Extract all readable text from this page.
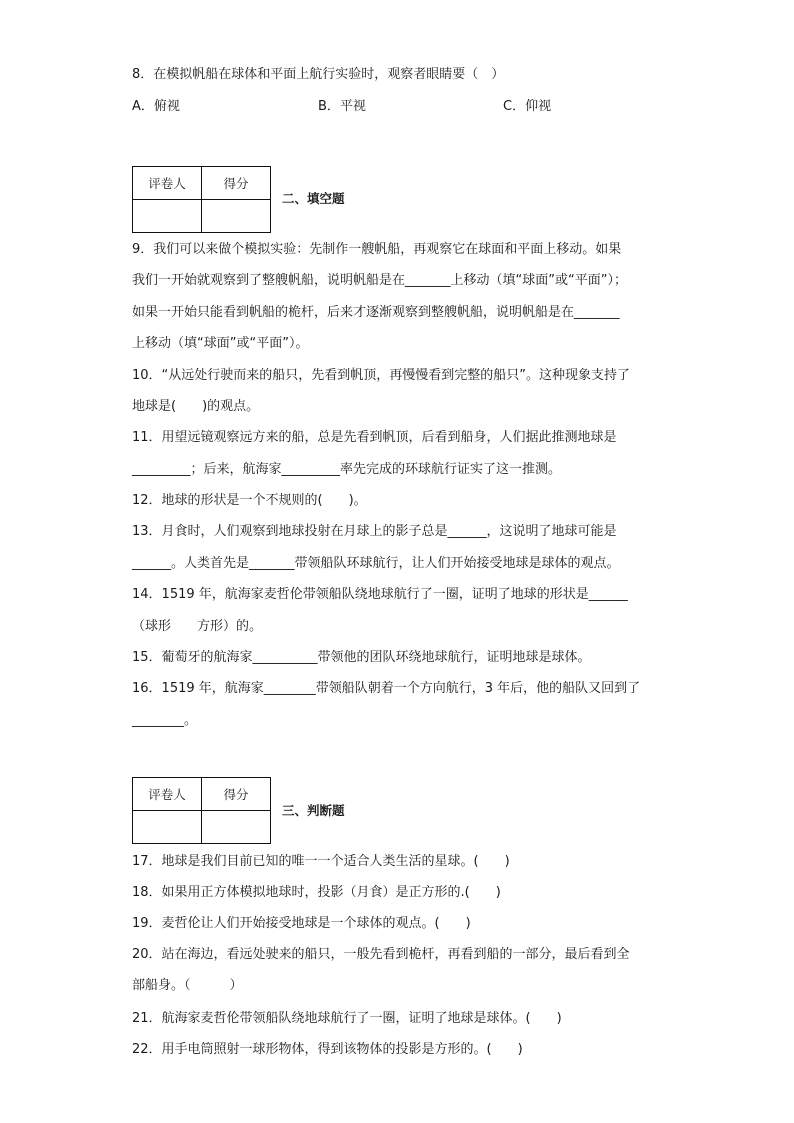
8．在模拟帆船在球体和平面上航行实验时，观察者眼睛要（　）
A．俯视	B．平视	C．仰视
评卷人	得分

二、填空题
9．我们可以来做个模拟实验：先制作一艘帆船，再观察它在球面和平面上移动。如果
我们一开始就观察到了整艘帆船，说明帆船是在_______上移动（填“球面”或“平面”）；
如果一开始只能看到帆船的桅杆，后来才逐渐观察到整艘帆船，说明帆船是在_______
上移动（填“球面”或“平面”）。
10．“从远处行驶而来的船只，先看到帆顶，再慢慢看到完整的船只”。这种现象支持了
地球是(　　)的观点。
11．用望远镜观察远方来的船，总是先看到帆顶，后看到船身，人们据此推测地球是
_________；后来，航海家_________率先完成的环球航行证实了这一推测。
12．地球的形状是一个不规则的(　　)。
13．月食时，人们观察到地球投射在月球上的影子总是______，这说明了地球可能是
______。人类首先是_______带领船队环球航行，让人们开始接受地球是球体的观点。
14．1519 年，航海家麦哲伦带领船队绕地球航行了一圈，证明了地球的形状是______
（球形　　方形）的。
15．葡萄牙的航海家__________带领他的团队环绕地球航行，证明地球是球体。
16．1519 年，航海家________带领船队朝着一个方向航行，3 年后，他的船队又回到了
________。
评卷人	得分

三、判断题
17．地球是我们目前已知的唯一一个适合人类生活的星球。(　　)
18．如果用正方体模拟地球时，投影（月食）是正方形的.(　　)
19．麦哲伦让人们开始接受地球是一个球体的观点。(　　)
20．站在海边，看远处驶来的船只，一般先看到桅杆，再看到船的一部分，最后看到全
部船身。（　　　）
21．航海家麦哲伦带领船队绕地球航行了一圈，证明了地球是球体。(　　)
22．用手电筒照射一球形物体，得到该物体的投影是方形的。(　　)
